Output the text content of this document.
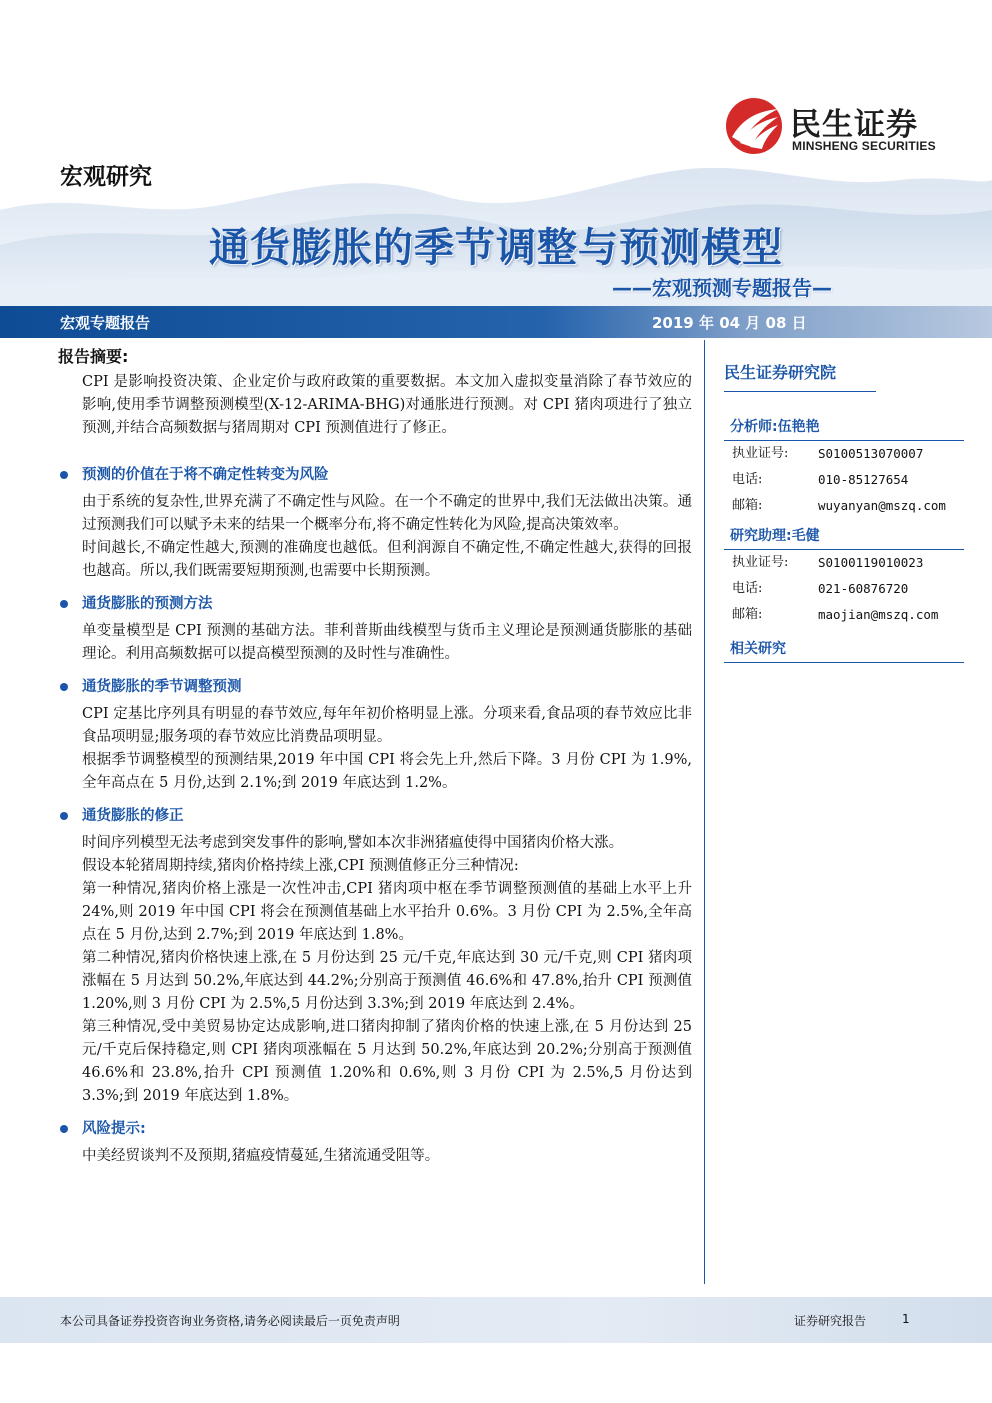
民生证券
MINSHENG SECURITIES
宏观研究
通货膨胀的季节调整与预测模型
——宏观预测专题报告—
宏观专题报告	2019 年 04 月 08 日
报告摘要:

CPI 是影响投资决策、企业定价与政府政策的重要数据。本文加入虚拟变量消除了春节效应的影响,使用季节调整预测模型(X-12-ARIMA-BHG)对通胀进行预测。对 CPI 猪肉项进行了独立预测,并结合高频数据与猪周期对 CPI 预测值进行了修正。

预测的价值在于将不确定性转变为风险

由于系统的复杂性,世界充满了不确定性与风险。在一个不确定的世界中,我们无法做出决策。通过预测我们可以赋予未来的结果一个概率分布,将不确定性转化为风险,提高决策效率。

时间越长,不确定性越大,预测的准确度也越低。但利润源自不确定性,不确定性越大,获得的回报也越高。所以,我们既需要短期预测,也需要中长期预测。

通货膨胀的预测方法

单变量模型是 CPI 预测的基础方法。菲利普斯曲线模型与货币主义理论是预测通货膨胀的基础理论。利用高频数据可以提高模型预测的及时性与准确性。

通货膨胀的季节调整预测

CPI 定基比序列具有明显的春节效应,每年年初价格明显上涨。分项来看,食品项的春节效应比非食品项明显;服务项的春节效应比消费品项明显。

根据季节调整模型的预测结果,2019 年中国 CPI 将会先上升,然后下降。3 月份 CPI 为 1.9%,全年高点在 5 月份,达到 2.1%;到 2019 年底达到 1.2%。

通货膨胀的修正

时间序列模型无法考虑到突发事件的影响,譬如本次非洲猪瘟使得中国猪肉价格大涨。

假设本轮猪周期持续,猪肉价格持续上涨,CPI 预测值修正分三种情况:

第一种情况,猪肉价格上涨是一次性冲击,CPI 猪肉项中枢在季节调整预测值的基础上水平上升 24%,则 2019 年中国 CPI 将会在预测值基础上水平抬升 0.6%。3 月份 CPI 为 2.5%,全年高点在 5 月份,达到 2.7%;到 2019 年底达到 1.8%。

第二种情况,猪肉价格快速上涨,在 5 月份达到 25 元/千克,年底达到 30 元/千克,则 CPI 猪肉项涨幅在 5 月达到 50.2%,年底达到 44.2%;分别高于预测值 46.6%和 47.8%,抬升 CPI 预测值 1.20%,则 3 月份 CPI 为 2.5%,5 月份达到 3.3%;到 2019 年底达到 2.4%。

第三种情况,受中美贸易协定达成影响,进口猪肉抑制了猪肉价格的快速上涨,在 5 月份达到 25 元/千克后保持稳定,则 CPI 猪肉项涨幅在 5 月达到 50.2%,年底达到 20.2%;分别高于预测值 46.6%和 23.8%,抬升 CPI 预测值 1.20%和 0.6%,则 3 月份 CPI 为 2.5%,5 月份达到 3.3%;到 2019 年底达到 1.8%。

风险提示:

中美经贸谈判不及预期,猪瘟疫情蔓延,生猪流通受阻等。

民生证券研究院
分析师:伍艳艳
执业证号:	S0100513070007
电话:	010-85127654
邮箱:	wuyanyan@mszq.com
研究助理:毛健
执业证号:	S0100119010023
电话:	021-60876720
邮箱:	maojian@mszq.com
相关研究
本公司具备证券投资咨询业务资格,请务必阅读最后一页免责声明	证券研究报告	1
